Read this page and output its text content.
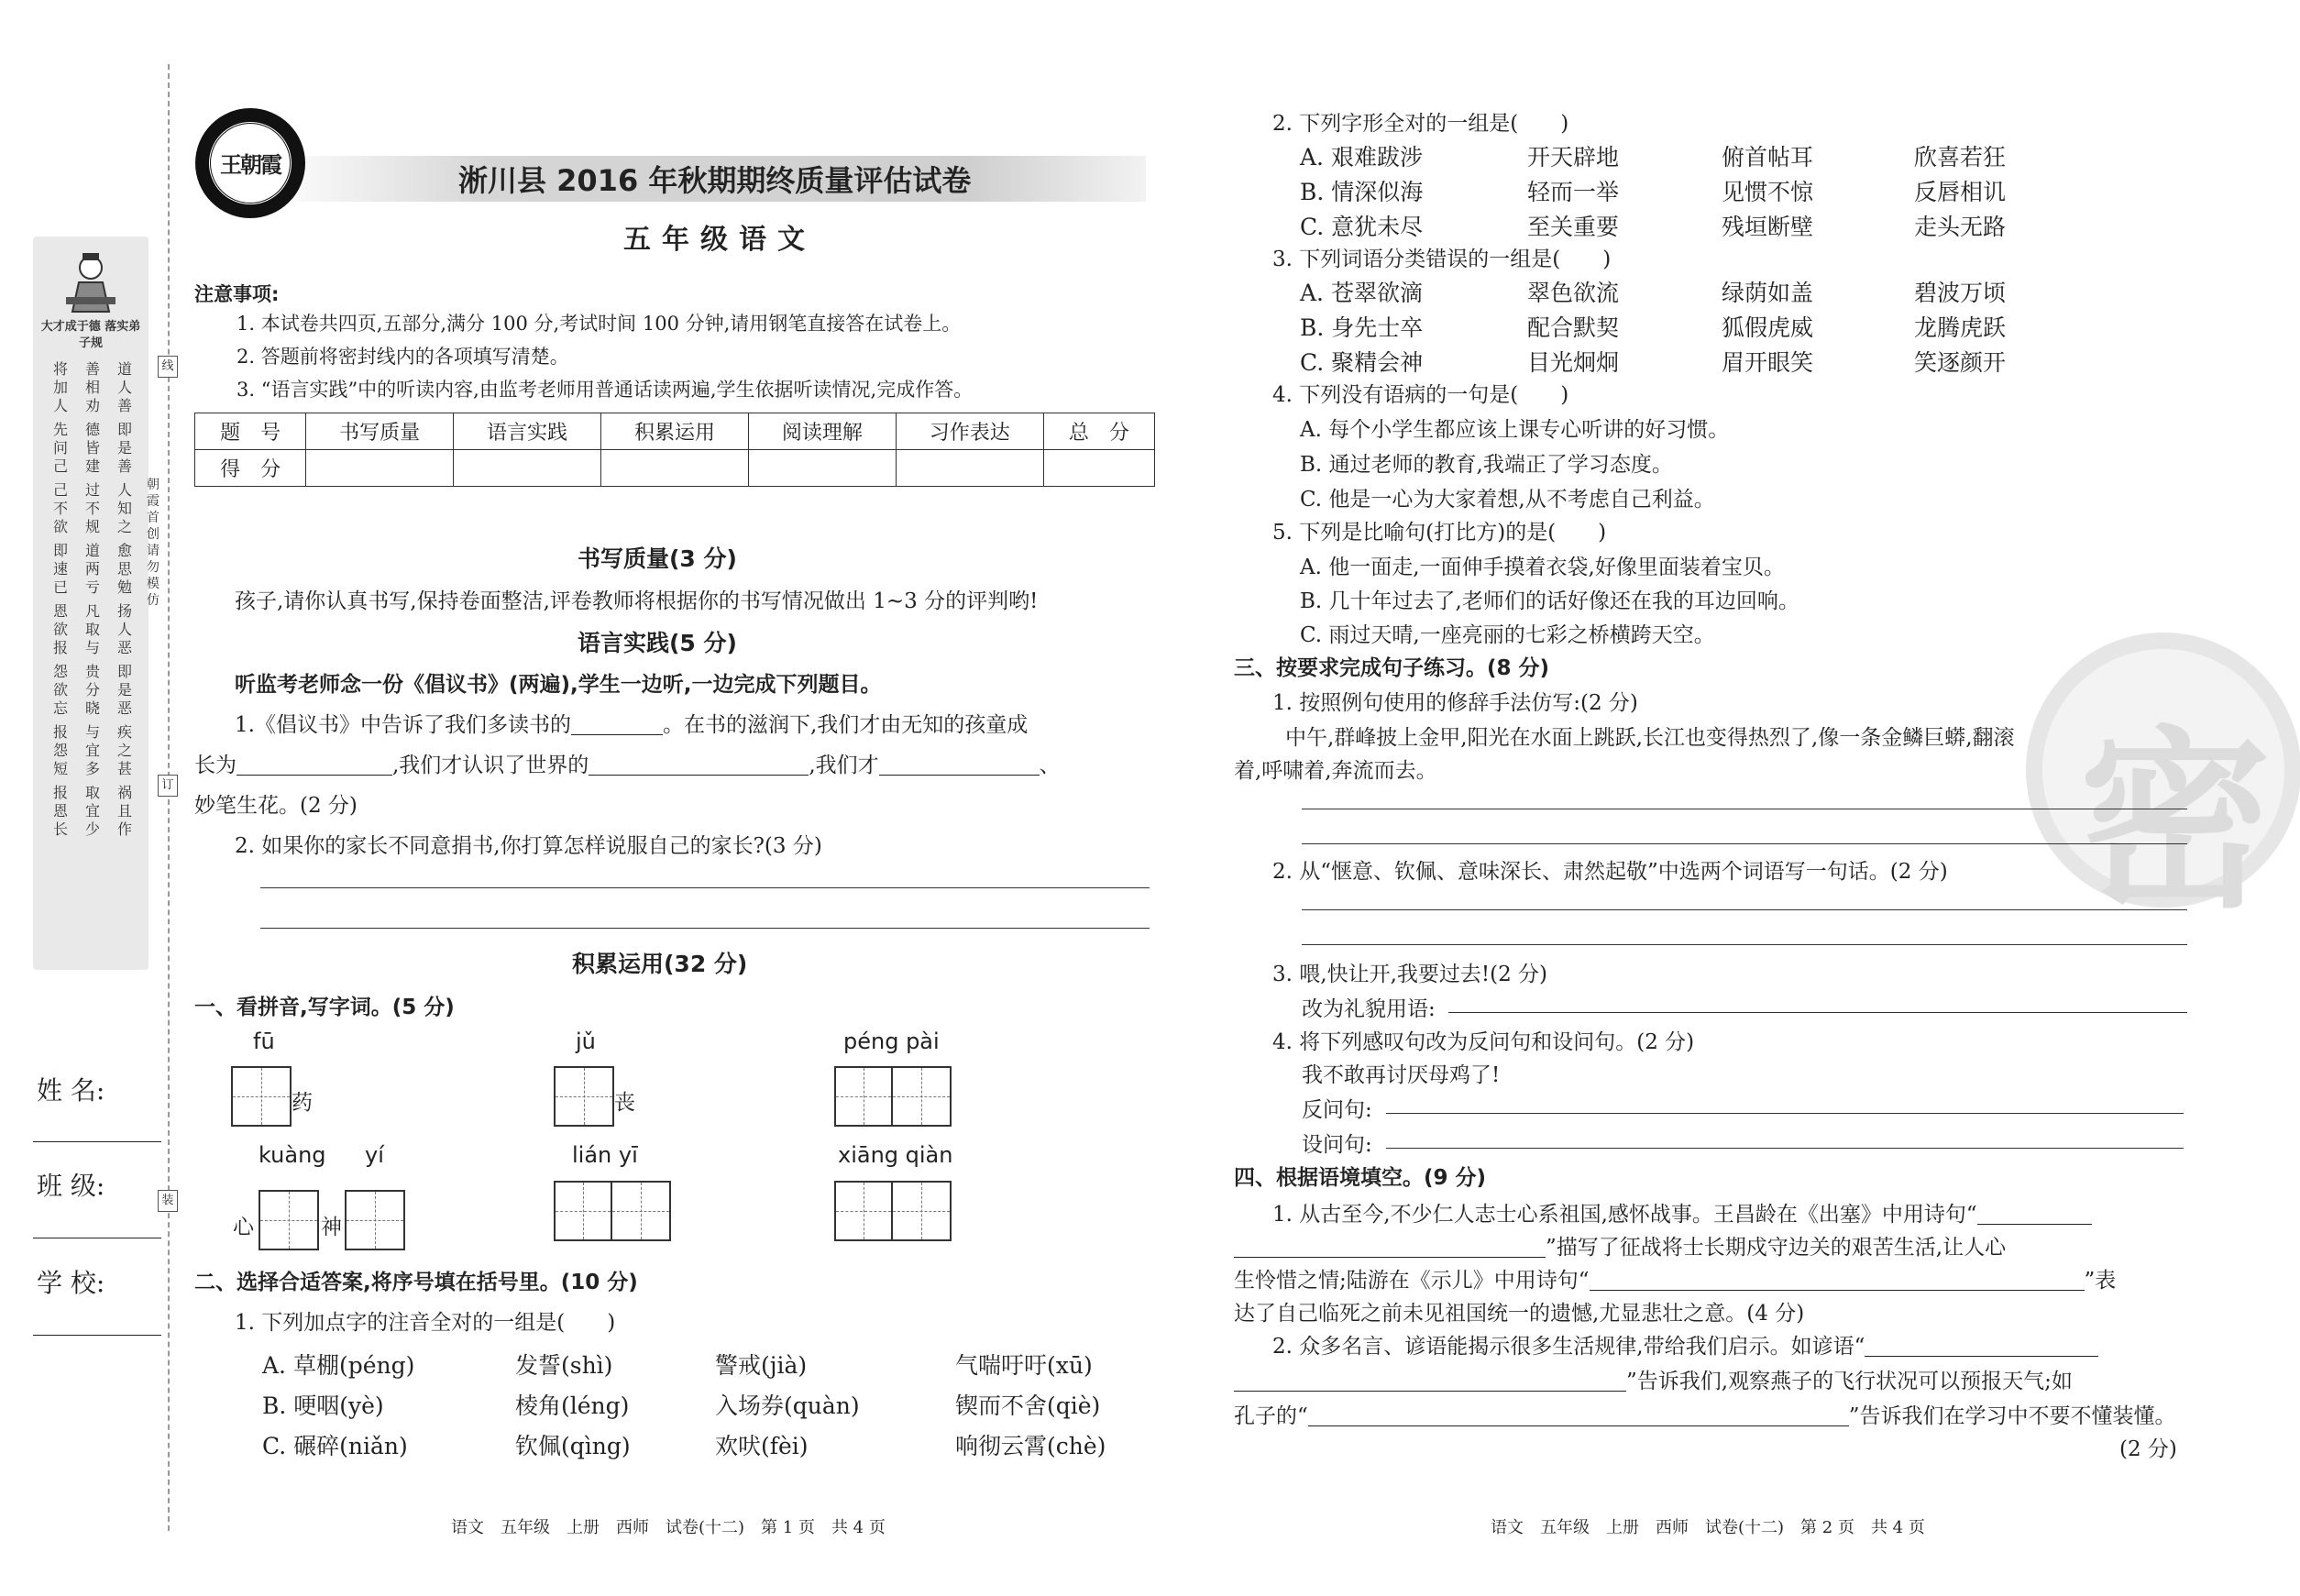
大才成于德 落实弟子规
将加人
善相劝
道人善
先问己
德皆建
即是善
己不欲
过不规
人知之
即速已
道两亏
愈思勉
恩欲报
凡取与
扬人恶
怨欲忘
贵分晓
即是恶
报怨短
与宜多
疾之甚
报恩长
取宜少
祸且作
线
朝霞首创 请勿模仿
订
装
姓 名:
班 级:
学 校:
王朝霞	淅川县 2016 年秋期期终质量评估试卷
五年级语文
注意事项:
1. 本试卷共四页,五部分,满分 100 分,考试时间 100 分钟,请用钢笔直接答在试卷上。
2. 答题前将密封线内的各项填写清楚。
3. “语言实践”中的听读内容,由监考老师用普通话读两遍,学生依据听读情况,完成作答。
题　号	书写质量	语言实践	积累运用	阅读理解	习作表达	总　分
得　分						
书写质量(3 分)
孩子,请你认真书写,保持卷面整洁,评卷教师将根据你的书写情况做出 1~3 分的评判哟!
语言实践(5 分)
听监考老师念一份《倡议书》(两遍),学生一边听,一边完成下列题目。
1.《倡议书》中告诉了我们多读书的	。在书的滋润下,我们才由无知的孩童成
长为	,我们才认识了世界的	,我们才	、
妙笔生花。(2 分)
2. 如果你的家长不同意捐书,你打算怎样说服自己的家长?(3 分)
积累运用(32 分)
一、看拼音,写字词。(5 分)
fū
药
jǔ
丧
péng pài
kuàng yí
心	神
lián yī	xiāng qiàn
二、选择合适答案,将序号填在括号里。(10 分)
1. 下列加点字的注音全对的一组是(　　)
A. 草棚(péng)	发誓(shì)	警戒(jià)	气喘吁吁(xū)
B. 哽咽(yè)	棱角(léng)	入场券(quàn)	锲而不舍(qiè)
C. 碾碎(niǎn)	钦佩(qìng)	欢吠(fèi)	响彻云霄(chè)
语文　五年级　上册　西师　试卷(十二)　第 1 页　共 4 页
密
2. 下列字形全对的一组是(　　)
A. 艰难跋涉	开天辟地	俯首帖耳	欣喜若狂
B. 情深似海	轻而一举	见惯不惊	反唇相讥
C. 意犹未尽	至关重要	残垣断壁	走头无路
3. 下列词语分类错误的一组是(　　)
A. 苍翠欲滴	翠色欲流	绿荫如盖	碧波万顷
B. 身先士卒	配合默契	狐假虎威	龙腾虎跃
C. 聚精会神	目光炯炯	眉开眼笑	笑逐颜开
4. 下列没有语病的一句是(　　)
A. 每个小学生都应该上课专心听讲的好习惯。
B. 通过老师的教育,我端正了学习态度。
C. 他是一心为大家着想,从不考虑自己利益。
5. 下列是比喻句(打比方)的是(　　)
A. 他一面走,一面伸手摸着衣袋,好像里面装着宝贝。
B. 几十年过去了,老师们的话好像还在我的耳边回响。
C. 雨过天晴,一座亮丽的七彩之桥横跨天空。
三、按要求完成句子练习。(8 分)
1. 按照例句使用的修辞手法仿写:(2 分)
中午,群峰披上金甲,阳光在水面上跳跃,长江也变得热烈了,像一条金鳞巨蟒,翻滚
着,呼啸着,奔流而去。
2. 从“惬意、钦佩、意味深长、肃然起敬”中选两个词语写一句话。(2 分)
3. 喂,快让开,我要过去!(2 分)
改为礼貌用语:
4. 将下列感叹句改为反问句和设问句。(2 分)
我不敢再讨厌母鸡了!
反问句:
设问句:
四、根据语境填空。(9 分)
1. 从古至今,不少仁人志士心系祖国,感怀战事。王昌龄在《出塞》中用诗句“
”描写了征战将士长期戍守边关的艰苦生活,让人心
生怜惜之情;陆游在《示儿》中用诗句“	”表
达了自己临死之前未见祖国统一的遗憾,尤显悲壮之意。(4 分)
2. 众多名言、谚语能揭示很多生活规律,带给我们启示。如谚语“
”告诉我们,观察燕子的飞行状况可以预报天气;如
孔子的“	”告诉我们在学习中不要不懂装懂。
(2 分)
语文　五年级　上册　西师　试卷(十二)　第 2 页　共 4 页
